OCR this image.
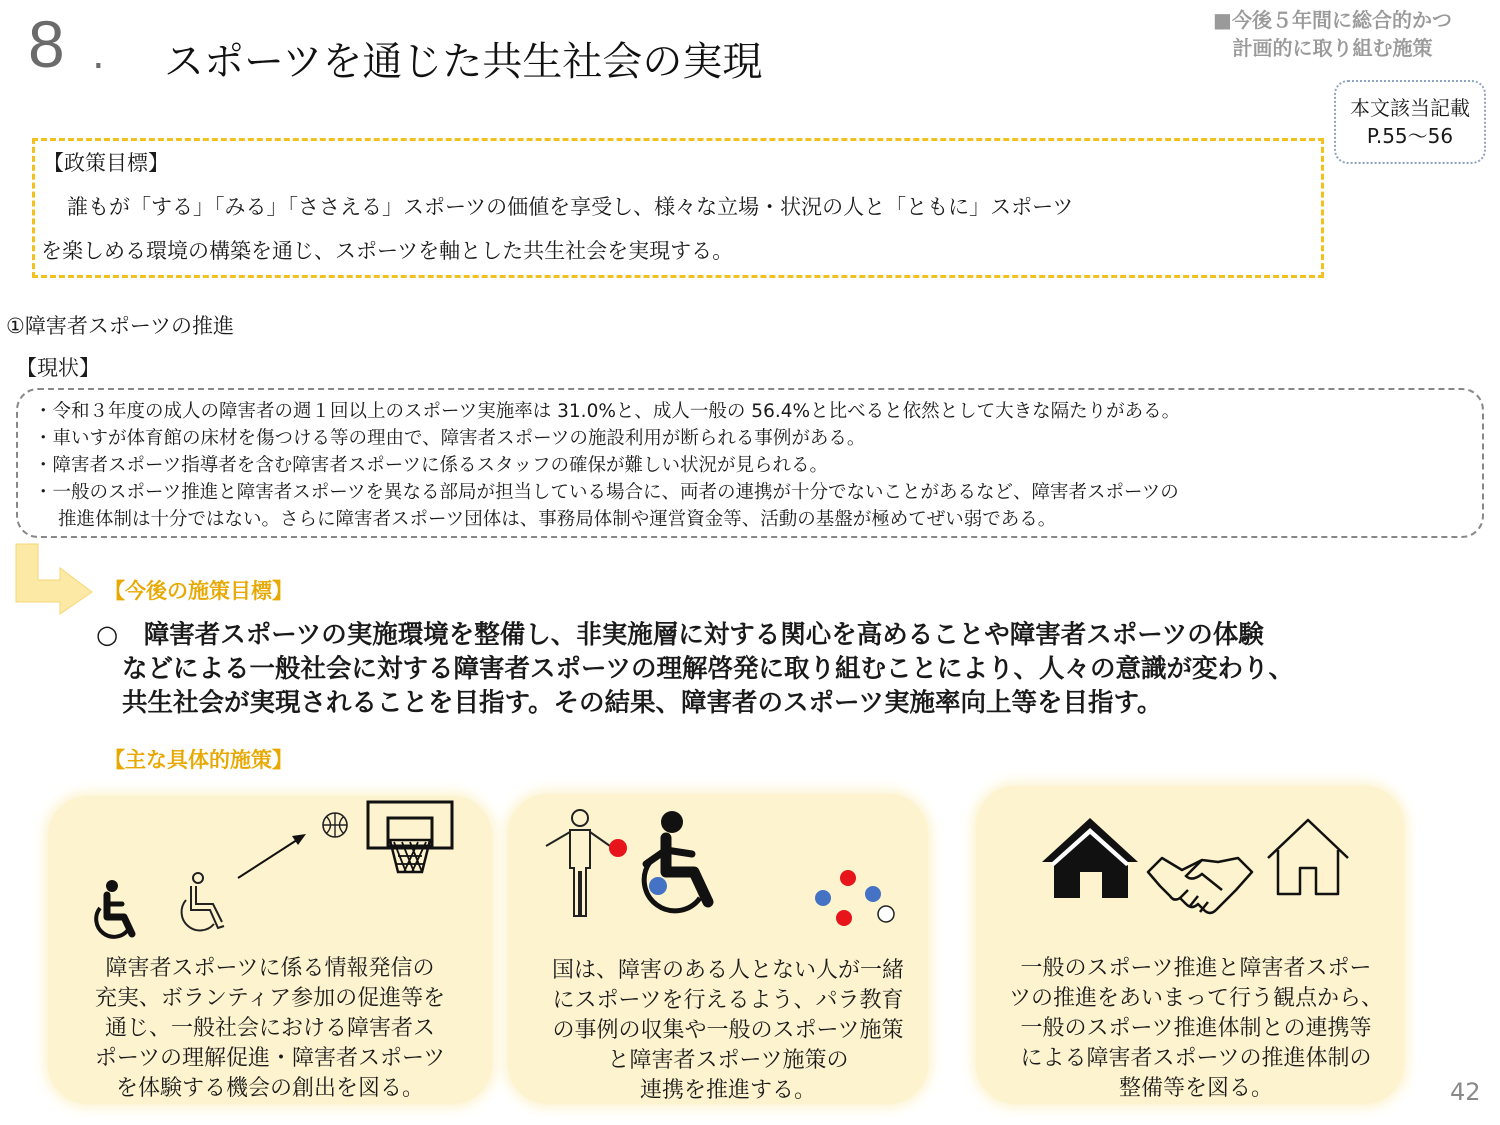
8 . スポーツを通じた共生社会の実現
■今後５年間に総合的かつ
計画的に取り組む施策
本文該当記載
P.55～56
【政策目標】
誰もが「する」「みる」「ささえる」スポーツの価値を享受し、様々な立場・状況の人と「ともに」スポーツ
を楽しめる環境の構築を通じ、スポーツを軸とした共生社会を実現する。
①障害者スポーツの推進
【現状】
・令和３年度の成人の障害者の週１回以上のスポーツ実施率は 31.0%と、成人一般の 56.4%と比べると依然として大きな隔たりがある。
・車いすが体育館の床材を傷つける等の理由で、障害者スポーツの施設利用が断られる事例がある。
・障害者スポーツ指導者を含む障害者スポーツに係るスタッフの確保が難しい状況が見られる。
・一般のスポーツ推進と障害者スポーツを異なる部局が担当している場合に、両者の連携が十分でないことがあるなど、障害者スポーツの
推進体制は十分ではない。さらに障害者スポーツ団体は、事務局体制や運営資金等、活動の基盤が極めてぜい弱である。
【今後の施策目標】
○　障害者スポーツの実施環境を整備し、非実施層に対する関心を高めることや障害者スポーツの体験
などによる一般社会に対する障害者スポーツの理解啓発に取り組むことにより、人々の意識が変わり、
共生社会が実現されることを目指す。その結果、障害者のスポーツ実施率向上等を目指す。
【主な具体的施策】
障害者スポーツに係る情報発信の
充実、ボランティア参加の促進等を
通じ、一般社会における障害者ス
ポーツの理解促進・障害者スポーツ
を体験する機会の創出を図る。
国は、障害のある人とない人が一緒
にスポーツを行えるよう、パラ教育
の事例の収集や一般のスポーツ施策
と障害者スポーツ施策の
連携を推進する。
一般のスポーツ推進と障害者スポー
ツの推進をあいまって行う観点から、
一般のスポーツ推進体制との連携等
による障害者スポーツの推進体制の
整備等を図る。	42
